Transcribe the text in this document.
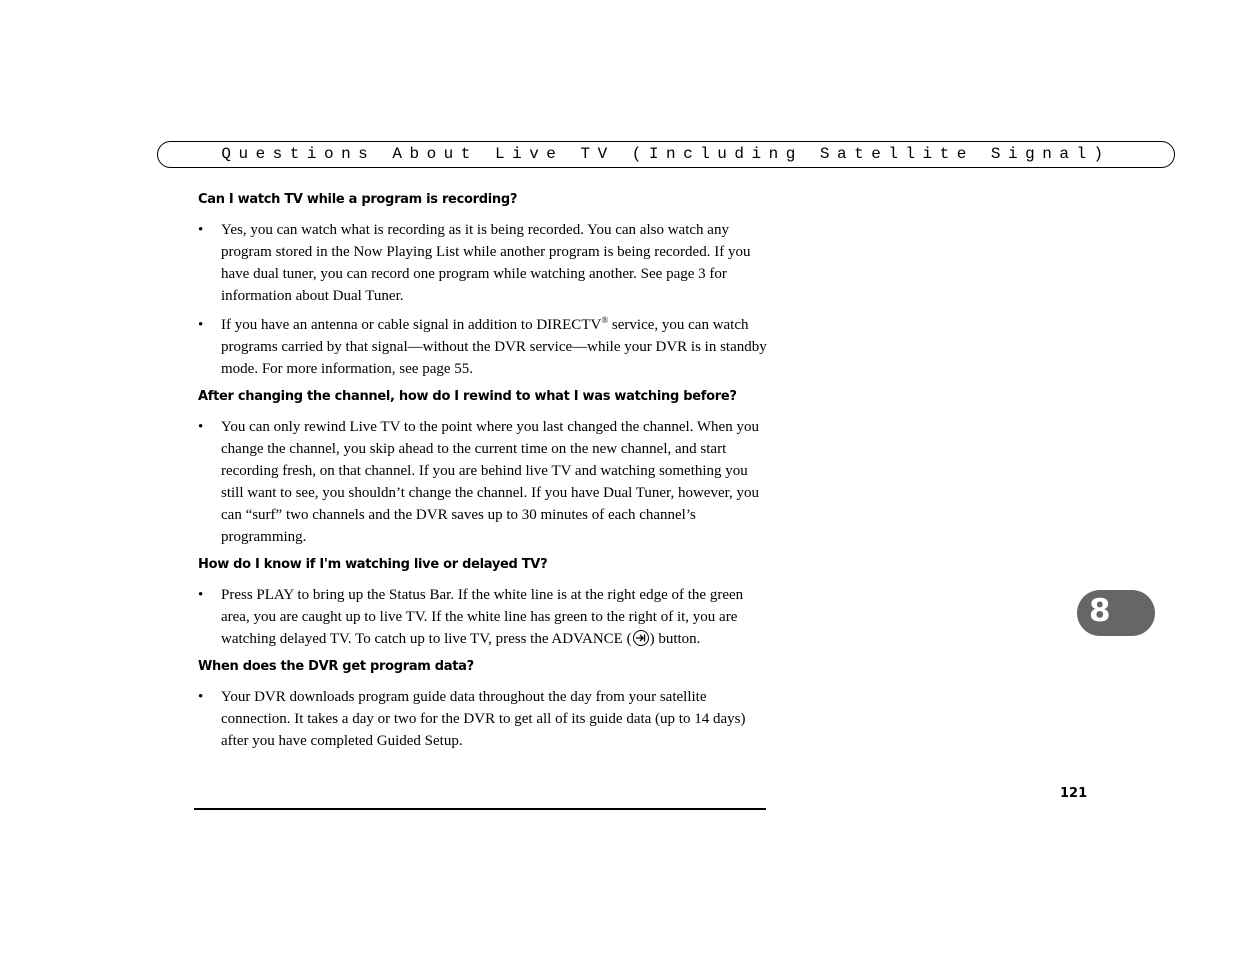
Questions About Live TV (Including Satellite Signal)
Can I watch TV while a program is recording?
•	Yes, you can watch what is recording as it is being recorded. You can also watch any program stored in the Now Playing List while another program is being recorded. If you have dual tuner, you can record one program while watching another. See page 3 for information about Dual Tuner.
•	If you have an antenna or cable signal in addition to DIRECTV® service, you can watch programs carried by that signal—without the DVR service—while your DVR is in standby mode. For more information, see page 55.
After changing the channel, how do I rewind to what I was watching before?
•	You can only rewind Live TV to the point where you last changed the channel. When you change the channel, you skip ahead to the current time on the new channel, and start recording fresh, on that channel. If you are behind live TV and watching something you still want to see, you shouldn’t change the channel. If you have Dual Tuner, however, you can “surf” two channels and the DVR saves up to 30 minutes of each channel’s programming.
How do I know if I'm watching live or delayed TV?
•	Press PLAY to bring up the Status Bar. If the white line is at the right edge of the green area, you are caught up to live TV. If the white line has green to the right of it, you are watching delayed TV. To catch up to live TV, press the ADVANCE ( ) button.
When does the DVR get program data?
•	Your DVR downloads program guide data throughout the day from your satellite connection. It takes a day or two for the DVR to get all of its guide data (up to 14 days) after you have completed Guided Setup.
121
8
